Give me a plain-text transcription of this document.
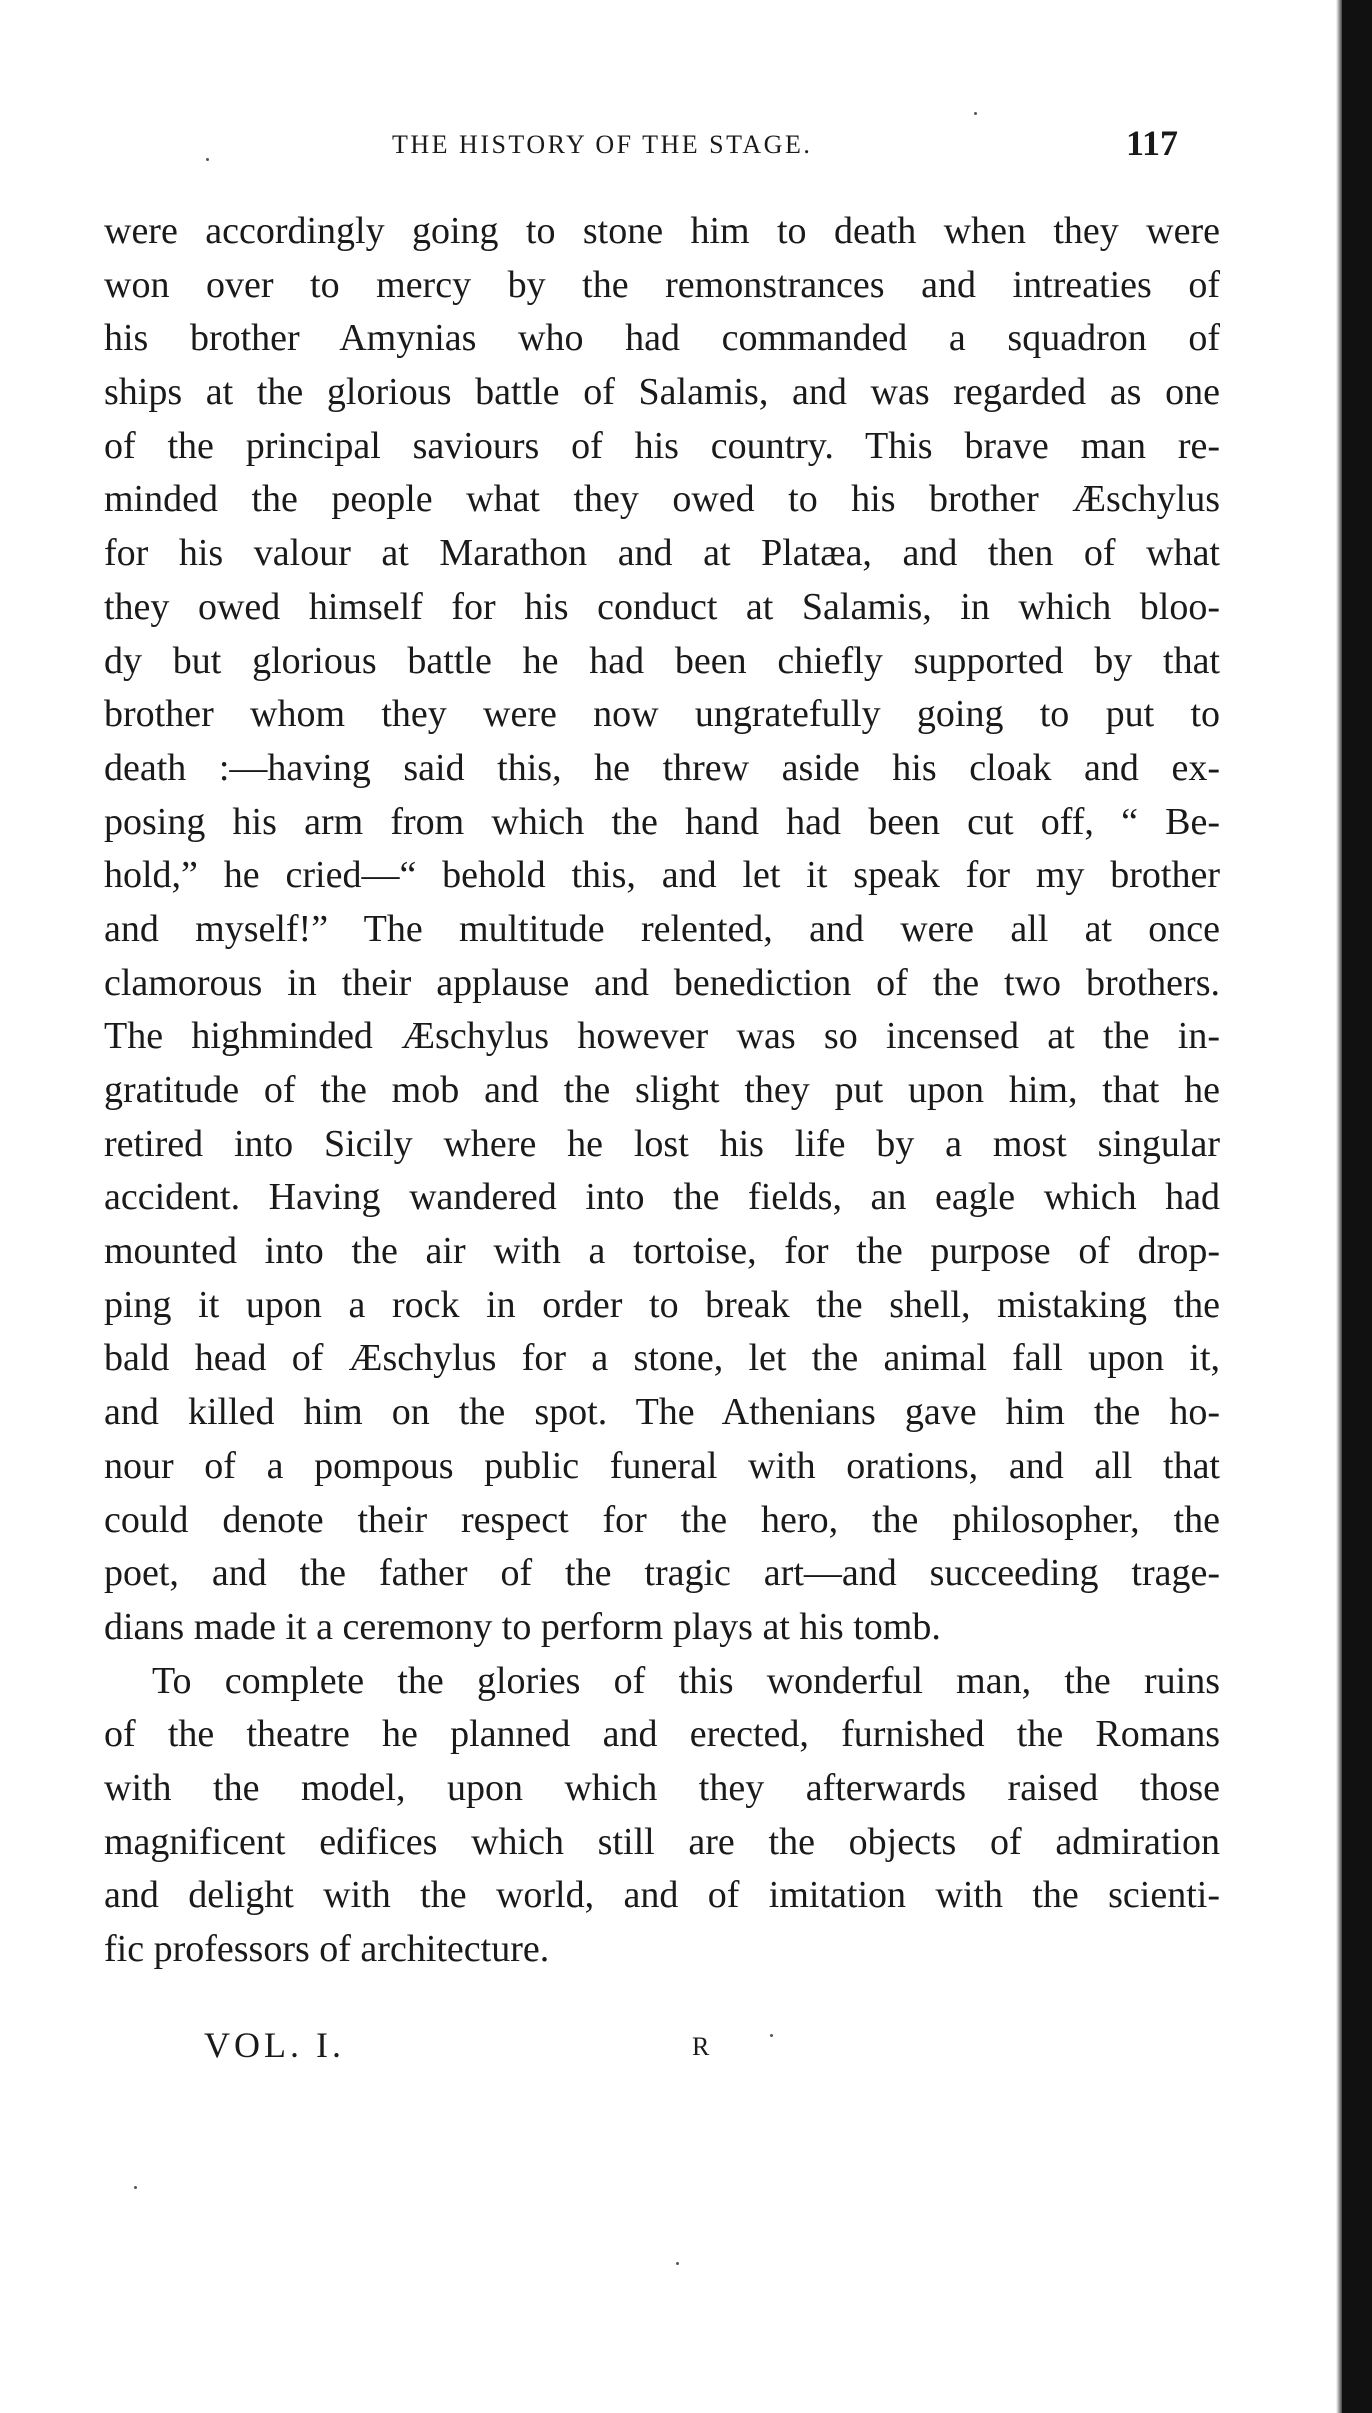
THE HISTORY OF THE STAGE.	117
were accordingly going to stone him to death when they were
won over to mercy by the remonstrances and intreaties of
his brother Amynias who had commanded a squadron of
ships at the glorious battle of Salamis, and was regarded as one
of the principal saviours of his country. This brave man re-
minded the people what they owed to his brother Æschylus
for his valour at Marathon and at Platæa, and then of what
they owed himself for his conduct at Salamis, in which bloo-
dy but glorious battle he had been chiefly supported by that
brother whom they were now ungratefully going to put to
death :—having said this, he threw aside his cloak and ex-
posing his arm from which the hand had been cut off, “ Be-
hold,” he cried—“ behold this, and let it speak for my brother
and myself!” The multitude relented, and were all at once
clamorous in their applause and benediction of the two brothers.
The highminded Æschylus however was so incensed at the in-
gratitude of the mob and the slight they put upon him, that he
retired into Sicily where he lost his life by a most singular
accident. Having wandered into the fields, an eagle which had
mounted into the air with a tortoise, for the purpose of drop-
ping it upon a rock in order to break the shell, mistaking the
bald head of Æschylus for a stone, let the animal fall upon it,
and killed him on the spot. The Athenians gave him the ho-
nour of a pompous public funeral with orations, and all that
could denote their respect for the hero, the philosopher, the
poet, and the father of the tragic art—and succeeding trage-
dians made it a ceremony to perform plays at his tomb.
To complete the glories of this wonderful man, the ruins
of the theatre he planned and erected, furnished the Romans
with the model, upon which they afterwards raised those
magnificent edifices which still are the objects of admiration
and delight with the world, and of imitation with the scienti-
fic professors of architecture.
VOL. I.	R
